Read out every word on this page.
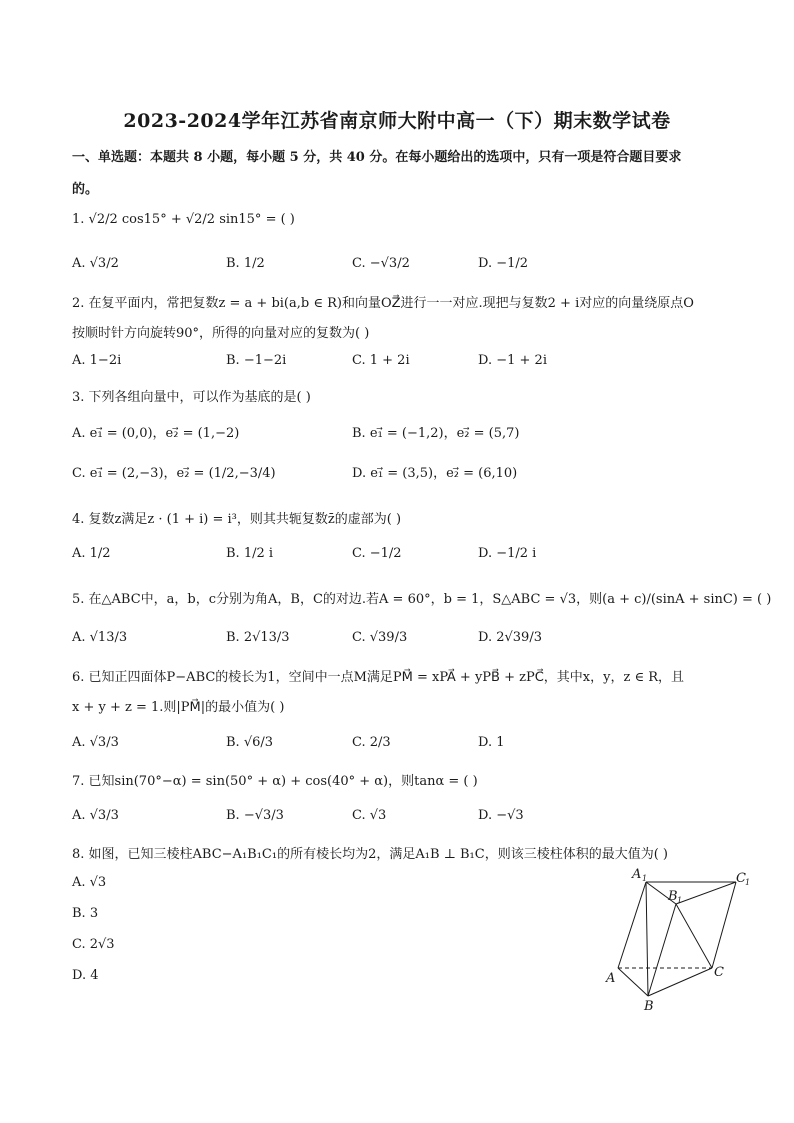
2023-2024学年江苏省南京师大附中高一（下）期末数学试卷
一、单选题：本题共 8 小题，每小题 5 分，共 40 分。在每小题给出的选项中，只有一项是符合题目要求
的。
1. √2/2 cos15° + √2/2 sin15° = ( )
A. √3/2	B. 1/2	C. −√3/2	D. −1/2
2. 在复平面内，常把复数z = a + bi(a,b ∈ R)和向量OZ⃗进行一一对应.现把与复数2 + i对应的向量绕原点O
按顺时针方向旋转90°，所得的向量对应的复数为( )
A. 1−2i	B. −1−2i	C. 1 + 2i	D. −1 + 2i
3. 下列各组向量中，可以作为基底的是( )
A. e₁⃗ = (0,0)，e₂⃗ = (1,−2)	B. e₁⃗ = (−1,2)，e₂⃗ = (5,7)
C. e₁⃗ = (2,−3)，e₂⃗ = (1/2,−3/4)	D. e₁⃗ = (3,5)，e₂⃗ = (6,10)
4. 复数z满足z · (1 + i) = i³，则其共轭复数z̄的虚部为( )
A. 1/2	B. 1/2 i	C. −1/2	D. −1/2 i
5. 在△ABC中，a，b，c分别为角A，B，C的对边.若A = 60°，b = 1，S△ABC = √3，则(a + c)/(sinA + sinC) = ( )
A. √13/3	B. 2√13/3	C. √39/3	D. 2√39/3
6. 已知正四面体P−ABC的棱长为1，空间中一点M满足PM⃗ = xPA⃗ + yPB⃗ + zPC⃗，其中x，y，z ∈ R，且
x + y + z = 1.则|PM⃗|的最小值为( )
A. √3/3	B. √6/3	C. 2/3	D. 1
7. 已知sin(70°−α) = sin(50° + α) + cos(40° + α)，则tanα = ( )
A. √3/3	B. −√3/3	C. √3	D. −√3
8. 如图，已知三棱柱ABC−A₁B₁C₁的所有棱长均为2，满足A₁B ⊥ B₁C，则该三棱柱体积的最大值为( )
A. √3
B. 3
C. 2√3
D. 4
A 1
B 1
C 1
A
B
C
